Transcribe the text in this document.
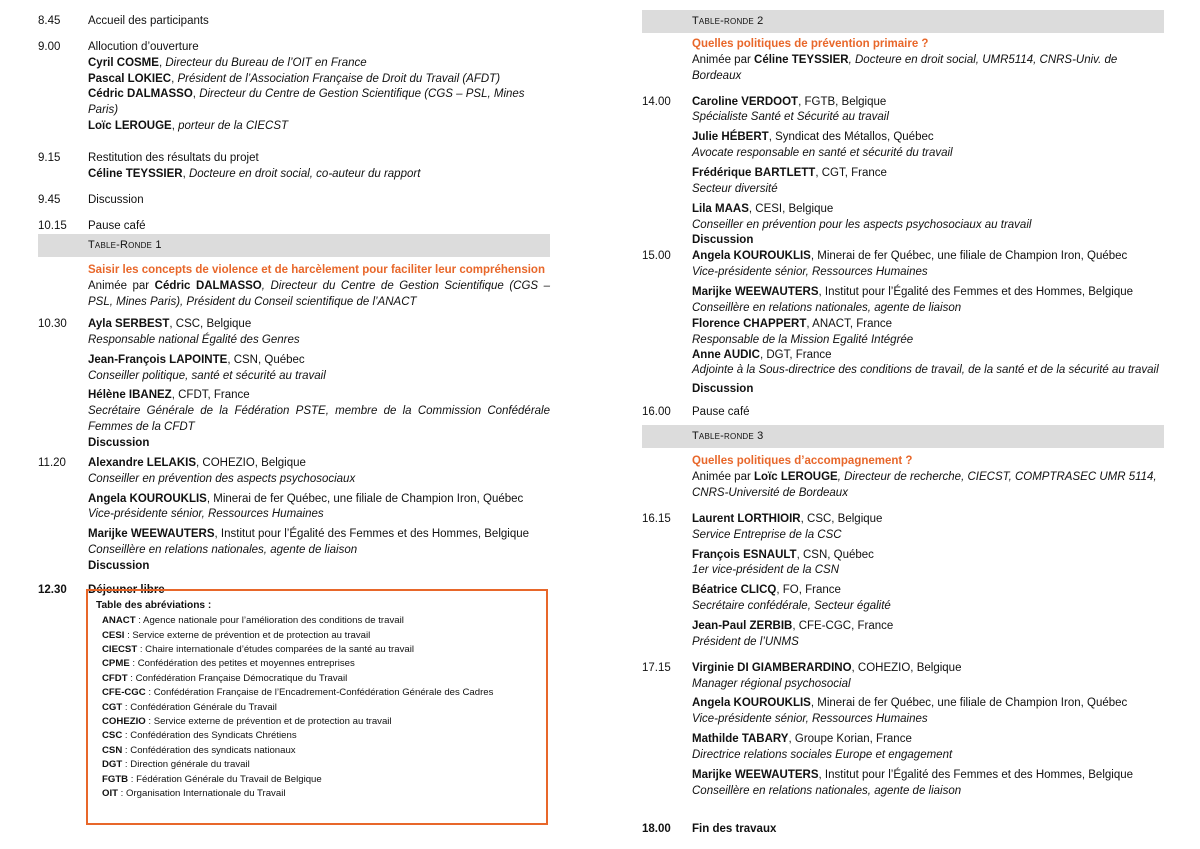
8.45	Accueil des participants
9.00	Allocution d’ouverture
Cyril COSME, Directeur du Bureau de l’OIT en France
Pascal LOKIEC, Président de l’Association Française de Droit du Travail (AFDT)
Cédric DALMASSO, Directeur du Centre de Gestion Scientifique (CGS – PSL, Mines Paris)
Loïc LEROUGE, porteur de la CIECST
9.15	Restitution des résultats du projet
Céline TEYSSIER, Docteure en droit social, co-auteur du rapport
9.45	Discussion
10.15	Pause café
Table-Ronde 1
Saisir les concepts de violence et de harcèlement pour faciliter leur compréhension
Animée par Cédric DALMASSO, Directeur du Centre de Gestion Scientifique (CGS – PSL, Mines Paris), Président du Conseil scientifique de l’ANACT
10.30	Ayla SERBEST, CSC, Belgique
Responsable national Égalité des Genres
Jean-François LAPOINTE, CSN, Québec
Conseiller politique, santé et sécurité au travail
Hélène IBANEZ, CFDT, France
Secrétaire Générale de la Fédération PSTE, membre de la Commission Confédérale Femmes de la CFDT
Discussion
11.20	Alexandre LELAKIS, COHEZIO, Belgique
Conseiller en prévention des aspects psychosociaux
Angela KOUROUKLIS, Minerai de fer Québec, une filiale de Champion Iron, Québec
Vice-présidente sénior, Ressources Humaines
Marijke WEEWAUTERS, Institut pour l’Égalité des Femmes et des Hommes, Belgique
Conseillère en relations nationales, agente de liaison
Discussion
12.30	Déjeuner libre
Table des abréviations :
ANACT : Agence nationale pour l’amélioration des conditions de travail
CESI : Service externe de prévention et de protection au travail
CIECST : Chaire internationale d’études comparées de la santé au travail
CPME : Confédération des petites et moyennes entreprises
CFDT : Confédération Française Démocratique du Travail
CFE-CGC : Confédération Française de l’Encadrement-Confédération Générale des Cadres
CGT : Confédération Générale du Travail
COHEZIO : Service externe de prévention et de protection au travail
CSC : Confédération des Syndicats Chrétiens
CSN : Confédération des syndicats nationaux
DGT : Direction générale du travail
FGTB : Fédération Générale du Travail de Belgique
OIT : Organisation Internationale du Travail
Table-ronde 2
Quelles politiques de prévention primaire ?
Animée par Céline TEYSSIER, Docteure en droit social, UMR5114, CNRS-Univ. de Bordeaux
14.00	Caroline VERDOOT, FGTB, Belgique
Spécialiste Santé et Sécurité au travail
Julie HÉBERT, Syndicat des Métallos, Québec
Avocate responsable en santé et sécurité du travail
Frédérique BARTLETT, CGT, France
Secteur diversité
Lila MAAS, CESI, Belgique
Conseiller en prévention pour les aspects psychosociaux au travail
Discussion
15.00	Angela KOUROUKLIS, Minerai de fer Québec, une filiale de Champion Iron, Québec
Vice-présidente sénior, Ressources Humaines
Marijke WEEWAUTERS, Institut pour l’Égalité des Femmes et des Hommes, Belgique
Conseillère en relations nationales, agente de liaison
Florence CHAPPERT, ANACT, France
Responsable de la Mission Egalité Intégrée
Anne AUDIC, DGT, France
Adjointe à la Sous-directrice des conditions de travail, de la santé et de la sécurité au travail
Discussion
16.00	Pause café
Table-ronde 3
Quelles politiques d’accompagnement ?
Animée par Loïc LEROUGE, Directeur de recherche, CIECST, COMPTRASEC UMR 5114, CNRS-Université de Bordeaux
16.15	Laurent LORTHIOIR, CSC, Belgique
Service Entreprise de la CSC
François ESNAULT, CSN, Québec
1er vice-président de la CSN
Béatrice CLICQ, FO, France
Secrétaire confédérale, Secteur égalité
Jean-Paul ZERBIB, CFE-CGC, France
Président de l’UNMS
17.15	Virginie DI GIAMBERARDINO, COHEZIO, Belgique
Manager régional psychosocial
Angela KOUROUKLIS, Minerai de fer Québec, une filiale de Champion Iron, Québec
Vice-présidente sénior, Ressources Humaines
Mathilde TABARY, Groupe Korian, France
Directrice relations sociales Europe et engagement
Marijke WEEWAUTERS, Institut pour l’Égalité des Femmes et des Hommes, Belgique
Conseillère en relations nationales, agente de liaison
18.00	Fin des travaux
